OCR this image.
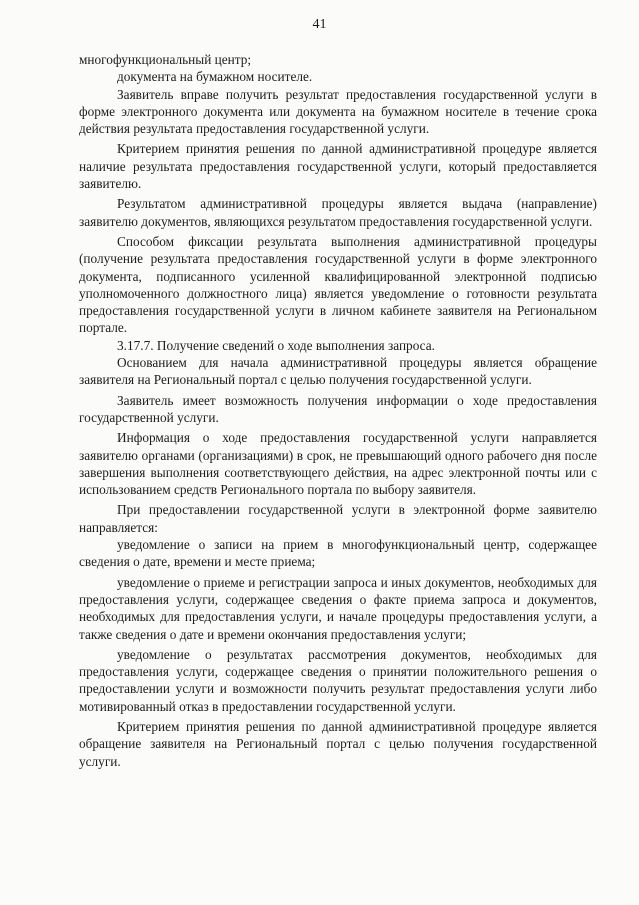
41

многофункциональный центр;

документа на бумажном носителе.

Заявитель вправе получить результат предоставления государственной услуги в форме электронного документа или документа на бумажном носителе в течение срока действия результата предоставления государственной услуги.

Критерием принятия решения по данной административной процедуре является наличие результата предоставления государственной услуги, который предоставляется заявителю.

Результатом административной процедуры является выдача (направление) заявителю документов, являющихся результатом предоставления государственной услуги.

Способом фиксации результата выполнения административной процедуры (получение результата предоставления государственной услуги в форме электронного документа, подписанного усиленной квалифицированной электронной подписью уполномоченного должностного лица) является уведомление о готовности результата предоставления государственной услуги в личном кабинете заявителя на Региональном портале.

3.17.7. Получение сведений о ходе выполнения запроса.

Основанием для начала административной процедуры является обращение заявителя на Региональный портал с целью получения государственной услуги.

Заявитель имеет возможность получения информации о ходе предоставления государственной услуги.

Информация о ходе предоставления государственной услуги направляется заявителю органами (организациями) в срок, не превышающий одного рабочего дня после завершения выполнения соответствующего действия, на адрес электронной почты или с использованием средств Регионального портала по выбору заявителя.

При предоставлении государственной услуги в электронной форме заявителю направляется:

уведомление о записи на прием в многофункциональный центр, содержащее сведения о дате, времени и месте приема;

уведомление о приеме и регистрации запроса и иных документов, необходимых для предоставления услуги, содержащее сведения о факте приема запроса и документов, необходимых для предоставления услуги, и начале процедуры предоставления услуги, а также сведения о дате и времени окончания предоставления услуги;

уведомление о результатах рассмотрения документов, необходимых для предоставления услуги, содержащее сведения о принятии положительного решения о предоставлении услуги и возможности получить результат предоставления услуги либо мотивированный отказ в предоставлении государственной услуги.

Критерием принятия решения по данной административной процедуре является обращение заявителя на Региональный портал с целью получения государственной услуги.
